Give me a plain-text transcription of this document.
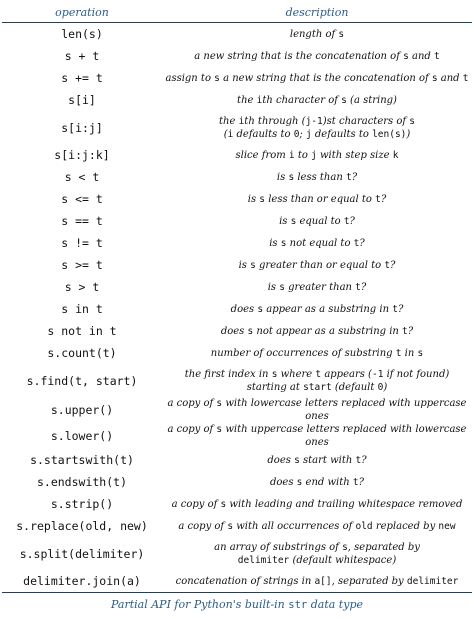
operation	description
len(s)	length of s
s + t	a new string that is the concatenation of s and t
s += t	assign to s a new string that is the concatenation of s and t
s[i]	the ith character of s (a string)
s[i:j]	the ith through (j-1)st characters of s
(i defaults to 0; j defaults to len(s))
s[i:j:k]	slice from i to j with step size k
s < t	is s less than t?
s <= t	is s less than or equal to t?
s == t	is s equal to t?
s != t	is s not equal to t?
s >= t	is s greater than or equal to t?
s > t	is s greater than t?
s in t	does s appear as a substring in t?
s not in t	does s not appear as a substring in t?
s.count(t)	number of occurrences of substring t in s
s.find(t, start)	the first index in s where t appears (-1 if not found)
starting at start (default 0)
s.upper()	a copy of s with lowercase letters replaced with uppercase ones
s.lower()	a copy of s with uppercase letters replaced with lowercase ones
s.startswith(t)	does s start with t?
s.endswith(t)	does s end with t?
s.strip()	a copy of s with leading and trailing whitespace removed
s.replace(old, new)	a copy of s with all occurrences of old replaced by new
s.split(delimiter)	an array of substrings of s, separated by
delimiter (default whitespace)
delimiter.join(a)	concatenation of strings in a[], separated by delimiter
Partial API for Python's built-in str data type
